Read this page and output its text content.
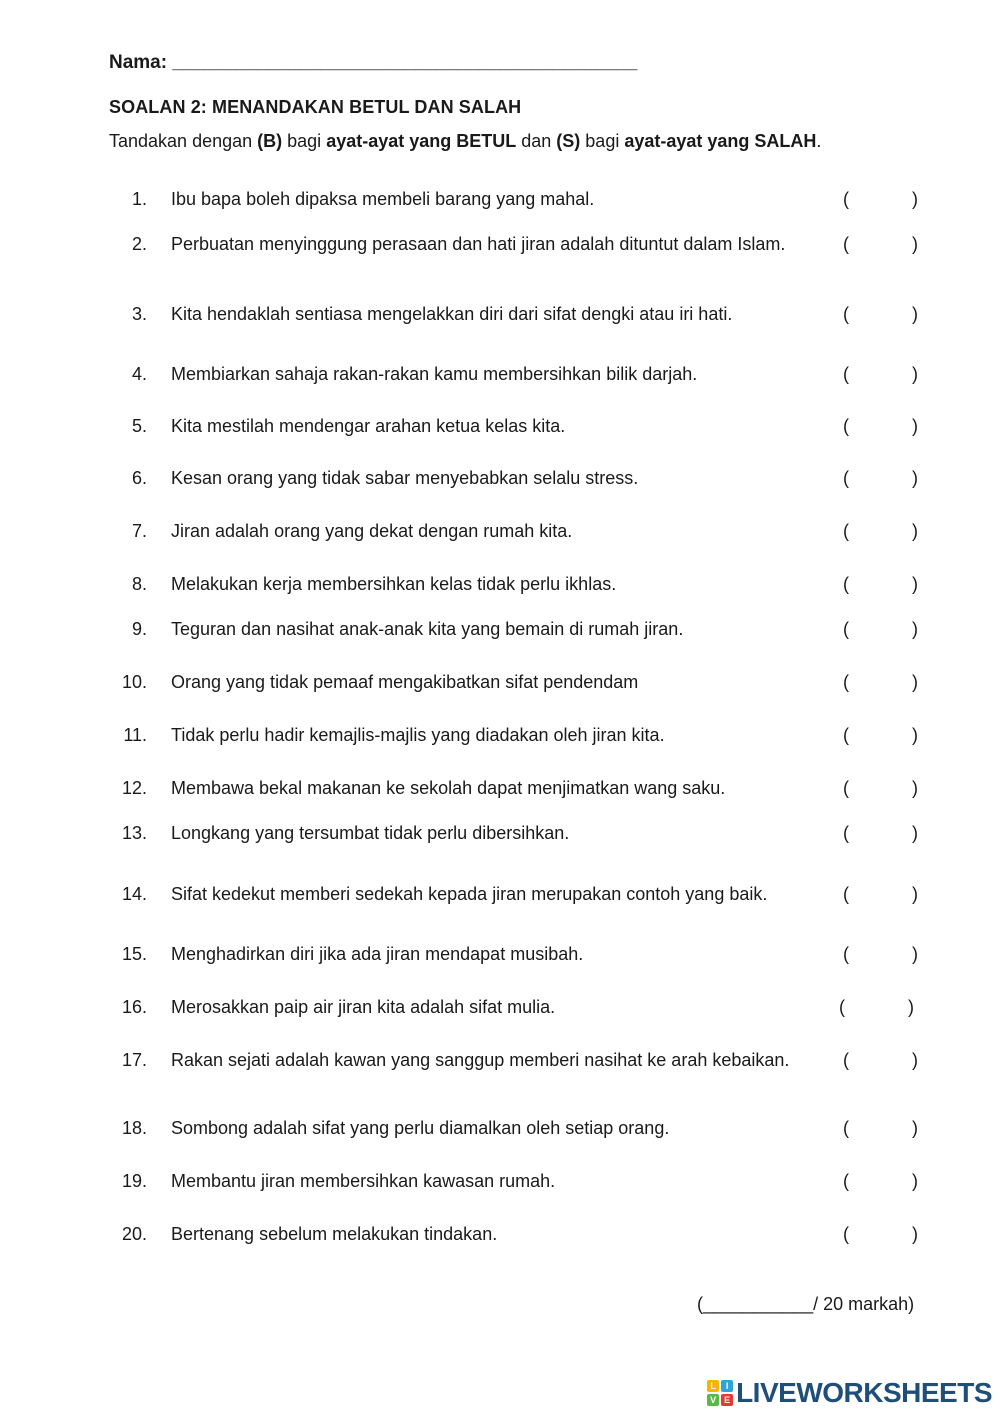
Nama: ____________________________________________
SOALAN 2: MENANDAKAN BETUL DAN SALAH
Tandakan dengan (B) bagi ayat-ayat yang BETUL dan (S) bagi ayat-ayat yang SALAH.
1. Ibu bapa boleh dipaksa membeli barang yang mahal.	(	)
2. Perbuatan menyinggung perasaan dan hati jiran adalah dituntut dalam Islam.	(	)
3. Kita hendaklah sentiasa mengelakkan diri dari sifat dengki atau iri hati.	(	)
4. Membiarkan sahaja rakan-rakan kamu membersihkan bilik darjah.	(	)
5. Kita mestilah mendengar arahan ketua kelas kita.	(	)
6. Kesan orang yang tidak sabar menyebabkan selalu stress.	(	)
7. Jiran adalah orang yang dekat dengan rumah kita.	(	)
8. Melakukan kerja membersihkan kelas tidak perlu ikhlas.	(	)
9. Teguran dan nasihat anak-anak kita yang bemain di rumah jiran.	(	)
10. Orang yang tidak pemaaf mengakibatkan sifat pendendam	(	)
11. Tidak perlu hadir kemajlis-majlis yang diadakan oleh jiran kita.	(	)
12. Membawa bekal makanan ke sekolah dapat menjimatkan wang saku.	(	)
13. Longkang yang tersumbat tidak perlu dibersihkan.	(	)
14. Sifat kedekut memberi sedekah kepada jiran merupakan contoh yang baik.	(	)
15. Menghadirkan diri jika ada jiran mendapat musibah.	(	)
16. Merosakkan paip air jiran kita adalah sifat mulia.	(	)
17. Rakan sejati adalah kawan yang sanggup memberi nasihat ke arah kebaikan.	(	)
18. Sombong adalah sifat yang perlu diamalkan oleh setiap orang.	(	)
19. Membantu jiran membersihkan kawasan rumah.	(	)
20. Bertenang sebelum melakukan tindakan.	(	)
(___________/ 20 markah)
L	I
V E LIVEWORKSHEETS
